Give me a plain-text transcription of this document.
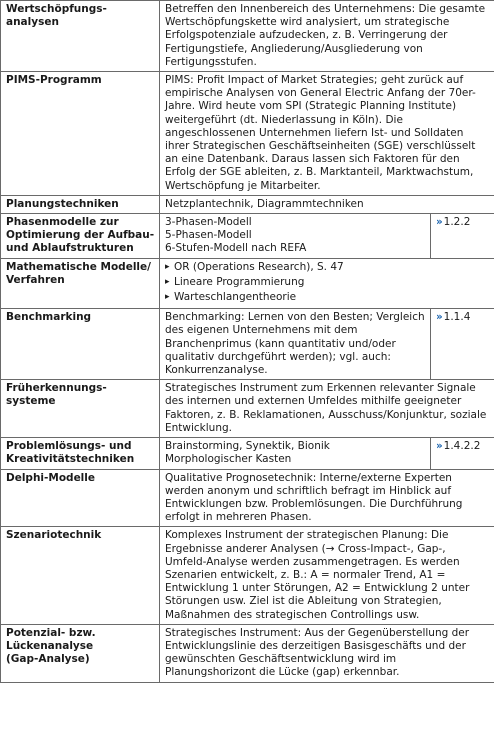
Wertschöpfungs-
analysen	Betreffen den Innenbereich des Unternehmens: Die gesamte Wertschöpfungskette wird analysiert, um strategische Erfolgspotenziale aufzudecken, z. B. Verringerung der Fertigungstiefe, Angliederung/Ausgliederung von Fertigungsstufen.	

PIMS-Programm	PIMS: Profit Impact of Market Strategies; geht zurück auf empirische Analysen von General Electric Anfang der 70er-Jahre. Wird heute vom SPI (Strategic Planning Institute) weitergeführt (dt. Niederlassung in Köln). Die angeschlossenen Unternehmen liefern Ist- und Solldaten ihrer Strategischen Geschäftseinheiten (SGE) verschlüsselt an eine Datenbank. Daraus lassen sich Faktoren für den Erfolg der SGE ableiten, z. B. Marktanteil, Marktwachstum, Wertschöpfung je Mitarbeiter.	

Planungstechniken	Netzplantechnik, Diagrammtechniken	

Phasenmodelle zur Optimierung der Aufbau- und Ablaufstrukturen	3-Phasen-Modell
5-Phasen-Modell
6-Stufen-Modell nach REFA	›› 1.2.2

Mathematische Modelle/
Verfahren	▸ OR (Operations Research), S. 47
▸ Lineare Programmierung
▸ Warteschlangentheorie

Benchmarking	Benchmarking: Lernen von den Besten; Vergleich des eigenen Unternehmens mit dem Branchenprimus (kann quantitativ und/oder qualitativ durchgeführt werden); vgl. auch: Konkurrenzanalyse.	›› 1.1.4

Früherkennungs-
systeme	Strategisches Instrument zum Erkennen relevanter Signale des internen und externen Umfeldes mithilfe geeigneter Faktoren, z. B. Reklamationen, Ausschuss/Konjunktur, soziale Entwicklung.	

Problemlösungs- und Kreativitätstechniken	Brainstorming, Synektik, Bionik
Morphologischer Kasten	›› 1.4.2.2

Delphi-Modelle	Qualitative Prognosetechnik: Interne/externe Experten werden anonym und schriftlich befragt im Hinblick auf Entwicklungen bzw. Problemlösungen. Die Durchführung erfolgt in mehreren Phasen.	

Szenariotechnik	Komplexes Instrument der strategischen Planung: Die Ergebnisse anderer Analysen (→ Cross-Impact-, Gap-, Umfeld-Analyse werden zusammengetragen. Es werden Szenarien entwickelt, z. B.: A = normaler Trend, A1 = Entwicklung 1 unter Störungen, A2 = Entwicklung 2 unter Störungen usw. Ziel ist die Ableitung von Strategien, Maßnahmen des strategischen Controllings usw.	

Potenzial- bzw.
Lückenanalyse
(Gap-Analyse)	Strategisches Instrument: Aus der Gegenüberstellung der Entwicklungslinie des derzeitigen Basisgeschäfts und der gewünschten Geschäftsentwicklung wird im Planungshorizont die Lücke (gap) erkennbar.	
